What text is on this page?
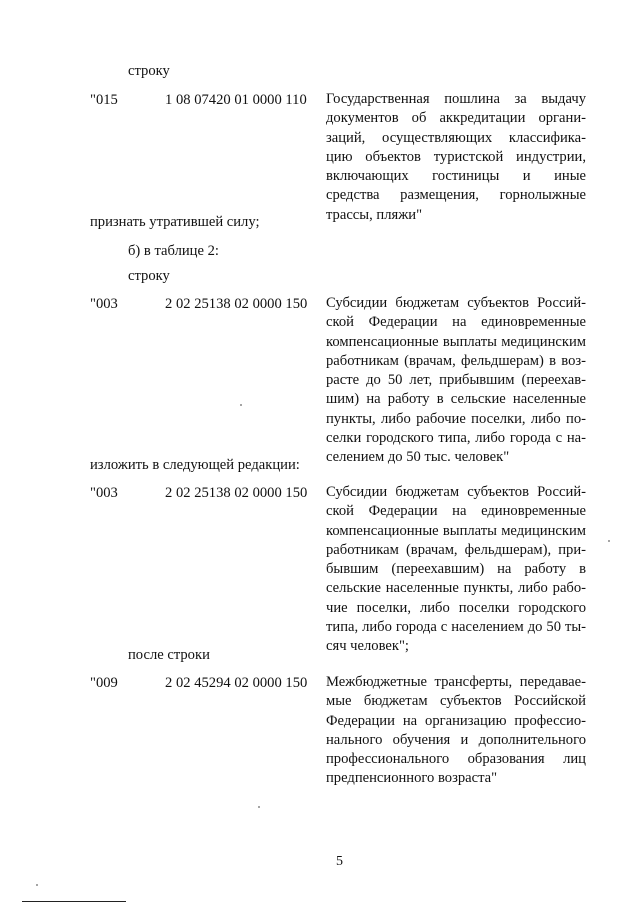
строку
"015	1 08 07420 01 0000 110 Государственная пошлина за выдачу
документов об аккредитации органи-
заций, осуществляющих классифика-
цию объектов туристской индустрии,
включающих гостиницы и иные
средства размещения, горнолыжные
трассы, пляжи"
признать утратившей силу;
б) в таблице 2:
строку
"003	2 02 25138 02 0000 150 Субсидии бюджетам субъектов Россий-
ской Федерации на единовременные
компенсационные выплаты медицинским
работникам (врачам, фельдшерам) в воз-
расте до 50 лет, прибывшим (переехав-
шим) на работу в сельские населенные
пункты, либо рабочие поселки, либо по-
селки городского типа, либо города с на-
селением до 50 тыс. человек"
изложить в следующей редакции:
"003	2 02 25138 02 0000 150 Субсидии бюджетам субъектов Россий-
ской Федерации на единовременные
компенсационные выплаты медицинским
работникам (врачам, фельдшерам), при-
бывшим (переехавшим) на работу в
сельские населенные пункты, либо рабо-
чие поселки, либо поселки городского
типа, либо города с населением до 50 ты-
сяч человек";
после строки
"009	2 02 45294 02 0000 150 Межбюджетные трансферты, передавае-
мые бюджетам субъектов Российской
Федерации на организацию профессио-
нального обучения и дополнительного
профессионального образования лиц
предпенсионного возраста"
5
